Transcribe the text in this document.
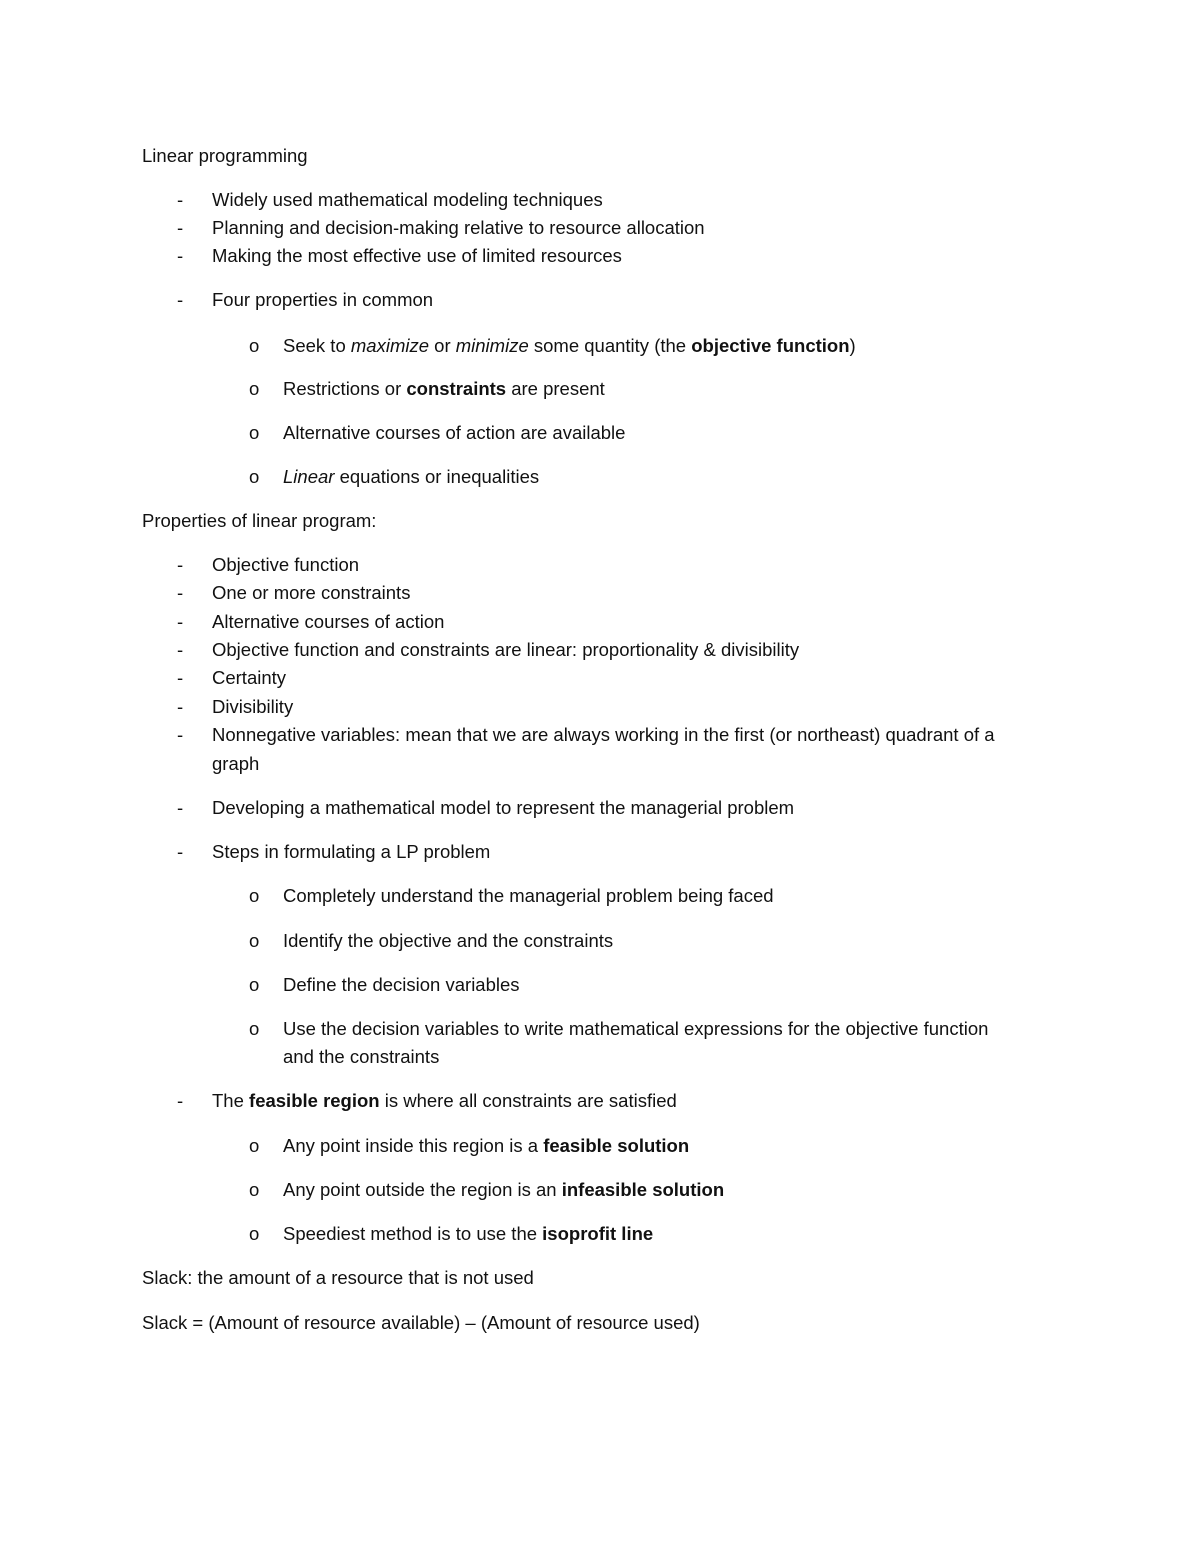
Linear programming
- Widely used mathematical modeling techniques
- Planning and decision-making relative to resource allocation
- Making the most effective use of limited resources
- Four properties in common
o Seek to maximize or minimize some quantity (the objective function)
o Restrictions or constraints are present
o Alternative courses of action are available
o Linear equations or inequalities
Properties of linear program:
- Objective function
- One or more constraints
- Alternative courses of action
- Objective function and constraints are linear: proportionality & divisibility
- Certainty
- Divisibility
- Nonnegative variables: mean that we are always working in the first (or northeast) quadrant of a
graph
- Developing a mathematical model to represent the managerial problem
- Steps in formulating a LP problem
o Completely understand the managerial problem being faced
o Identify the objective and the constraints
o Define the decision variables
o Use the decision variables to write mathematical expressions for the objective function
and the constraints
- The feasible region is where all constraints are satisfied
o Any point inside this region is a feasible solution
o Any point outside the region is an infeasible solution
o Speediest method is to use the isoprofit line
Slack: the amount of a resource that is not used
Slack = (Amount of resource available) – (Amount of resource used)
